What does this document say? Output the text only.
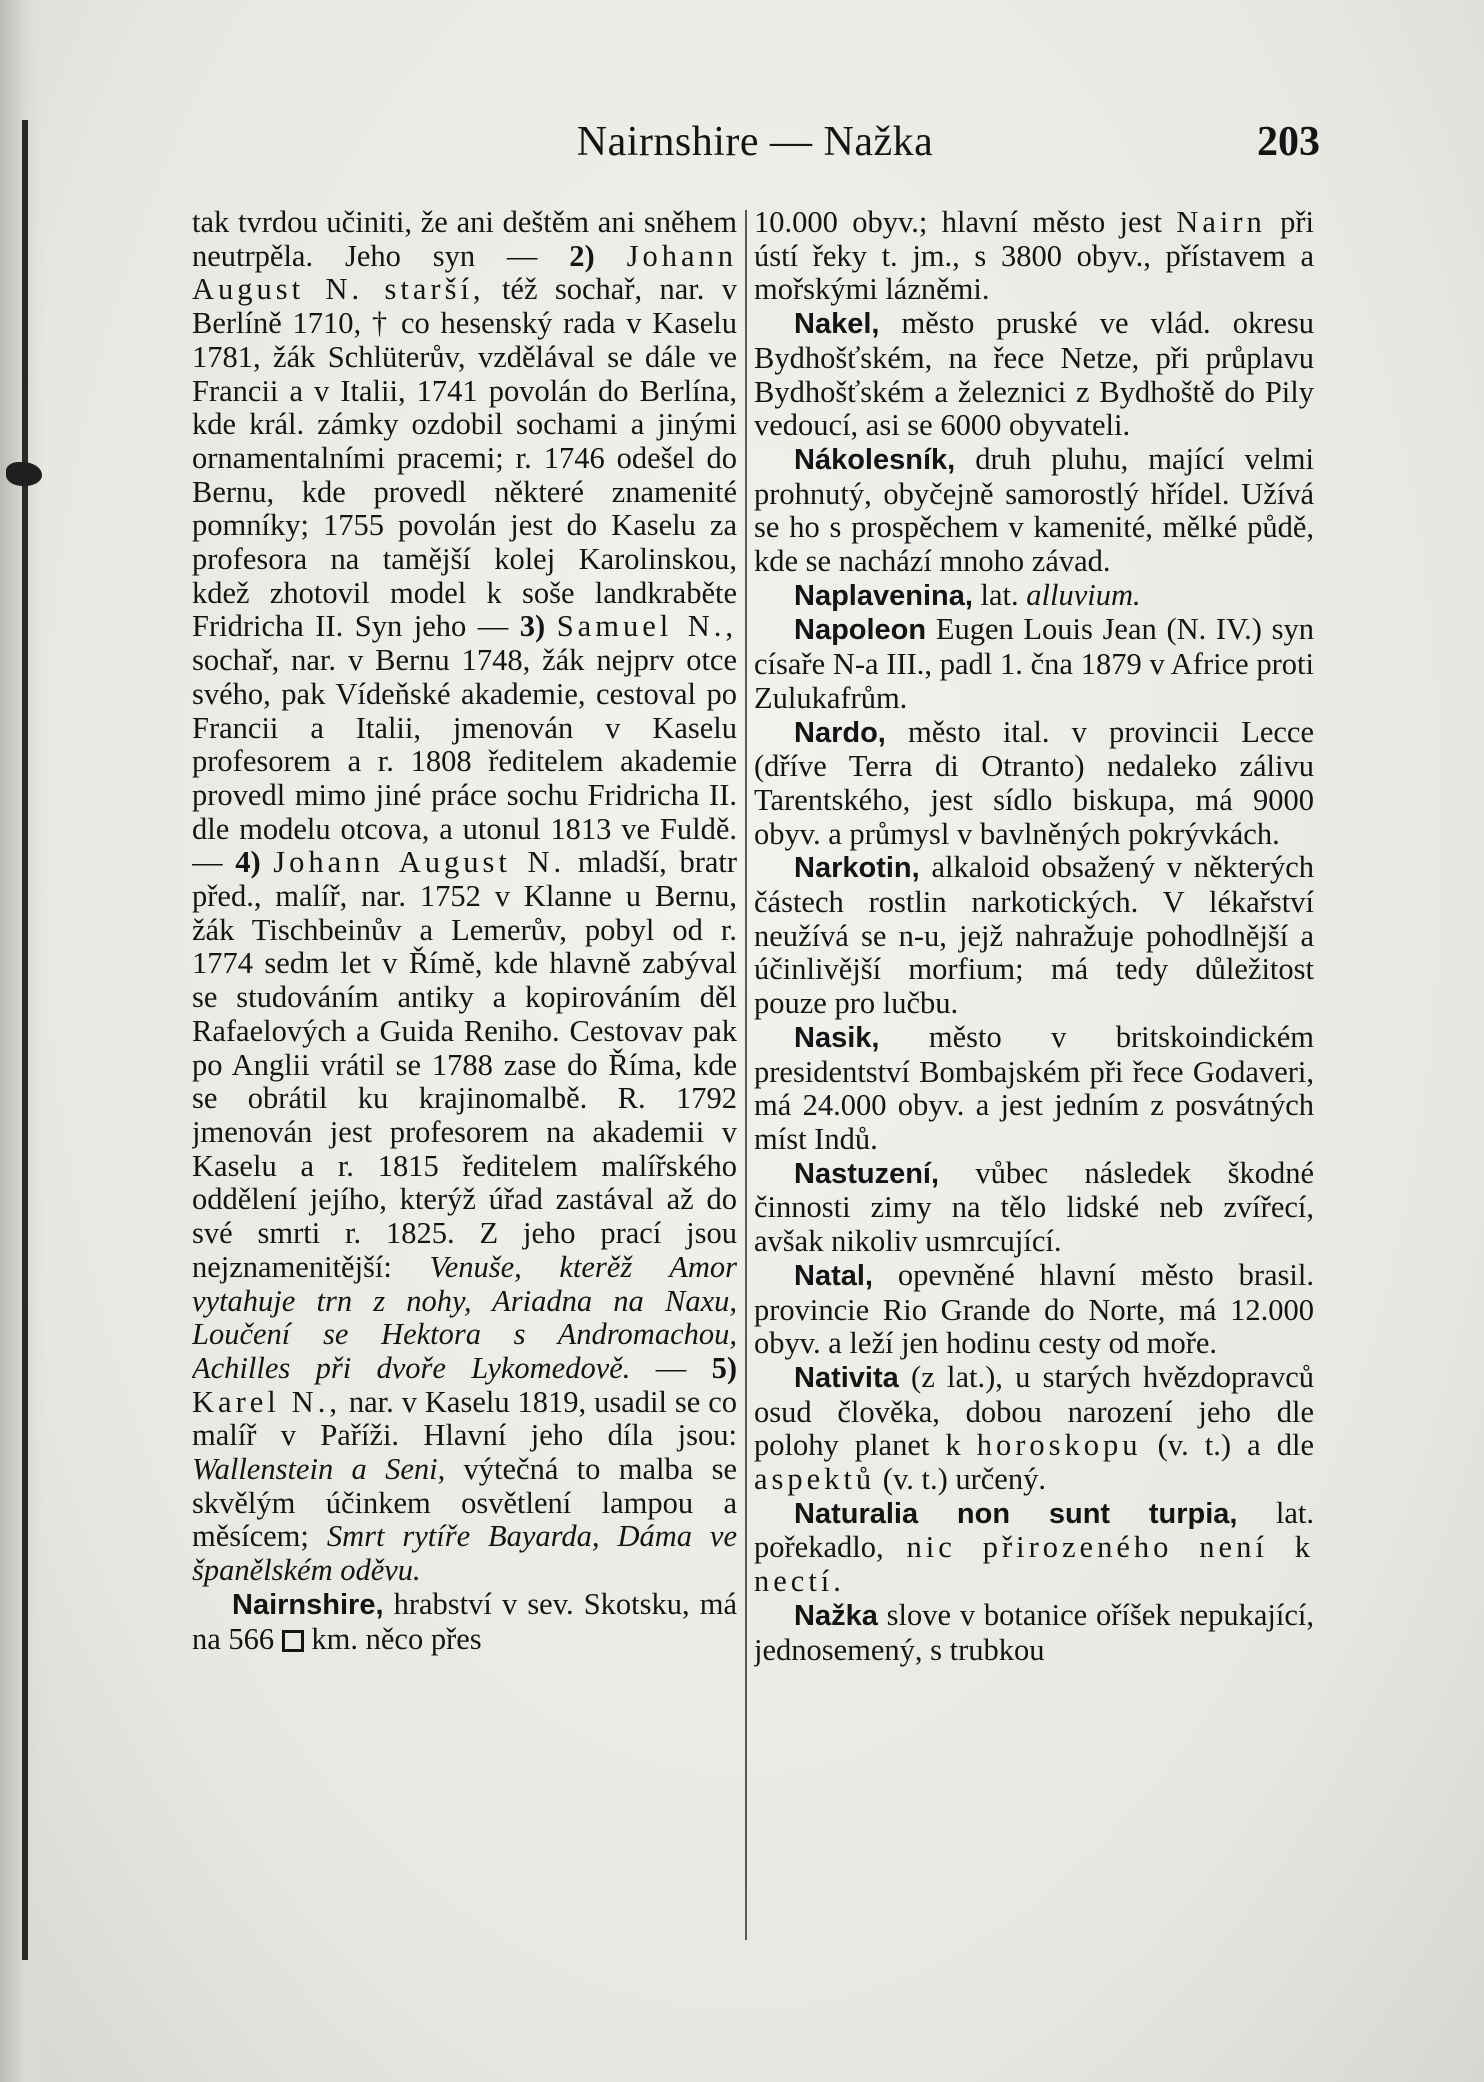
Nairnshire — Nažka	203

tak tvrdou učiniti, že ani deštěm ani sněhem neutrpěla. Jeho syn — 2) Johann August N. starší, též sochař, nar. v Berlíně 1710, † co hesenský rada v Kaselu 1781, žák Schlüterův, vzdělával se dále ve Francii a v Italii, 1741 povolán do Berlína, kde král. zámky ozdobil sochami a jinými ornamentalními pracemi; r. 1746 odešel do Bernu, kde provedl některé znamenité pomníky; 1755 povolán jest do Kaselu za profesora na tamější kolej Karolinskou, kdež zhotovil model k soše landkraběte Fridricha II. Syn jeho — 3) Samuel N., sochař, nar. v Bernu 1748, žák nejprv otce svého, pak Vídeňské akademie, cestoval po Francii a Italii, jmenován v Kaselu profesorem a r. 1808 ředitelem akademie provedl mimo jiné práce sochu Fridricha II. dle modelu otcova, a utonul 1813 ve Fuldě. — 4) Johann August N. mladší, bratr před., malíř, nar. 1752 v Klanne u Bernu, žák Tischbeinův a Lemerův, pobyl od r. 1774 sedm let v Římě, kde hlavně zabýval se studováním antiky a kopirováním děl Rafaelových a Guida Reniho. Cestovav pak po Anglii vrátil se 1788 zase do Říma, kde se obrátil ku krajinomalbě. R. 1792 jmenován jest profesorem na akademii v Kaselu a r. 1815 ředitelem malířského oddělení jejího, kterýž úřad zastával až do své smrti r. 1825. Z jeho prací jsou nejznamenitější: Venuše, kterěž Amor vytahuje trn z nohy, Ariadna na Naxu, Loučení se Hektora s Andromachou, Achilles při dvoře Lykomedově. — 5) Karel N., nar. v Kaselu 1819, usadil se co malíř v Paříži. Hlavní jeho díla jsou: Wallenstein a Seni, výtečná to malba se skvělým účinkem osvětlení lampou a měsícem; Smrt rytíře Bayarda, Dáma ve španělském oděvu.

Nairnshire, hrabství v sev. Skotsku, má na 566 km. něco přes

10.000 obyv.; hlavní město jest Nairn při ústí řeky t. jm., s 3800 obyv., přístavem a mořskými lázněmi.

Nakel, město pruské ve vlád. okresu Bydhošťském, na řece Netze, při průplavu Bydhošťském a železnici z Bydhoště do Pily vedoucí, asi se 6000 obyvateli.

Nákolesník, druh pluhu, mající velmi prohnutý, obyčejně samorostlý hřídel. Užívá se ho s prospěchem v kamenité, mělké půdě, kde se nachází mnoho závad.

Naplavenina, lat. alluvium.

Napoleon Eugen Louis Jean (N. IV.) syn císaře N-a III., padl 1. čna 1879 v Africe proti Zulukafrům.

Nardo, město ital. v provincii Lecce (dříve Terra di Otranto) nedaleko zálivu Tarentského, jest sídlo biskupa, má 9000 obyv. a průmysl v bavlněných pokrývkách.

Narkotin, alkaloid obsažený v některých částech rostlin narkotických. V lékařství neužívá se n-u, jejž nahražuje pohodlnější a účinlivější morfium; má tedy důležitost pouze pro lučbu.

Nasik, město v britskoindickém presidentství Bombajském při řece Godaveri, má 24.000 obyv. a jest jedním z posvátných míst Indů.

Nastuzení, vůbec následek škodné činnosti zimy na tělo lidské neb zvířecí, avšak nikoliv usmrcující.

Natal, opevněné hlavní město brasil. provincie Rio Grande do Norte, má 12.000 obyv. a leží jen hodinu cesty od moře.

Nativita (z lat.), u starých hvězdopravců osud člověka, dobou narození jeho dle polohy planet k horoskopu (v. t.) a dle aspektů (v. t.) určený.

Naturalia non sunt turpia, lat. pořekadlo, nic přirozeného není k nectí.

Nažka slove v botanice oříšek nepukající, jednosemený, s trubkou
